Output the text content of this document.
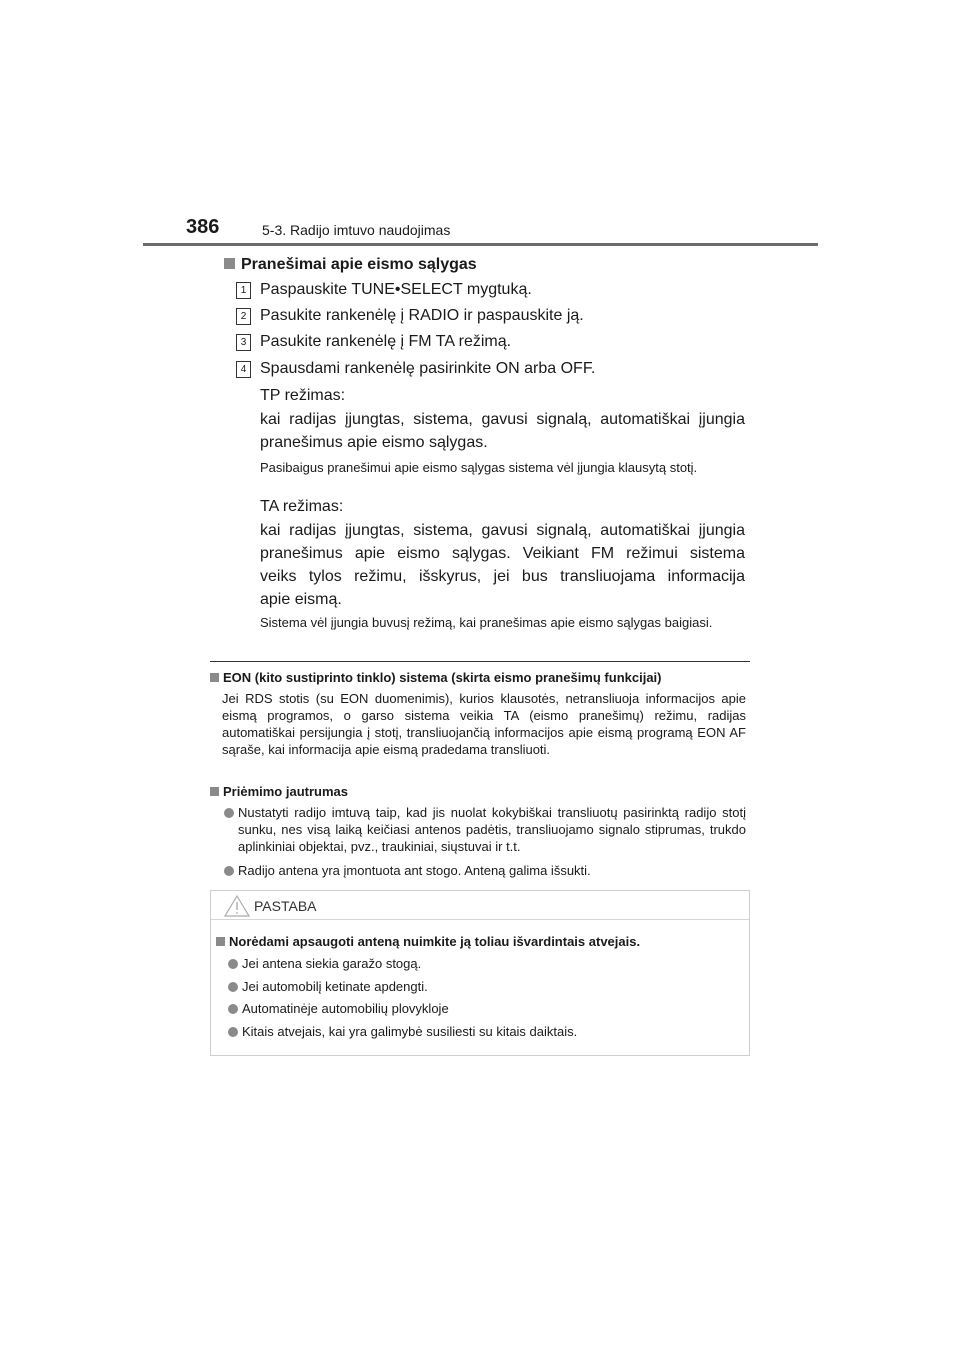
386	5-3. Radijo imtuvo naudojimas
Pranešimai apie eismo sąlygas
1 Paspauskite TUNE•SELECT mygtuką.
2 Pasukite rankenėlę į RADIO ir paspauskite ją.
3 Pasukite rankenėlę į FM TA režimą.
4 Spausdami rankenėlę pasirinkite ON arba OFF.
TP režimas:
kai radijas įjungtas, sistema, gavusi signalą, automatiškai įjungia
pranešimus apie eismo sąlygas.
Pasibaigus pranešimui apie eismo sąlygas sistema vėl įjungia klausytą stotį.
TA režimas:
kai radijas įjungtas, sistema, gavusi signalą, automatiškai įjungia
pranešimus apie eismo sąlygas. Veikiant FM režimui sistema
veiks tylos režimu, išskyrus, jei bus transliuojama informacija
apie eismą.
Sistema vėl įjungia buvusį režimą, kai pranešimas apie eismo sąlygas baigiasi.
EON (kito sustiprinto tinklo) sistema (skirta eismo pranešimų funkcijai)
Jei RDS stotis (su EON duomenimis), kurios klausotės, netransliuoja informacijos apie eismą programos, o garso sistema veikia TA (eismo pranešimų) režimu, radijas automatiškai persijungia į stotį, transliuojančią informacijos apie eismą programą EON AF sąraše, kai informacija apie eismą pradedama transliuoti.
Priėmimo jautrumas
Nustatyti radijo imtuvą taip, kad jis nuolat kokybiškai transliuotų pasirinktą radijo stotį sunku, nes visą laiką keičiasi antenos padėtis, transliuojamo signalo stiprumas, trukdo aplinkiniai objektai, pvz., traukiniai, siųstuvai ir t.t.
Radijo antena yra įmontuota ant stogo. Anteną galima išsukti.
PASTABA
Norėdami apsaugoti anteną nuimkite ją toliau išvardintais atvejais.
Jei antena siekia garažo stogą.
Jei automobilį ketinate apdengti.
Automatinėje automobilių plovykloje
Kitais atvejais, kai yra galimybė susiliesti su kitais daiktais.
